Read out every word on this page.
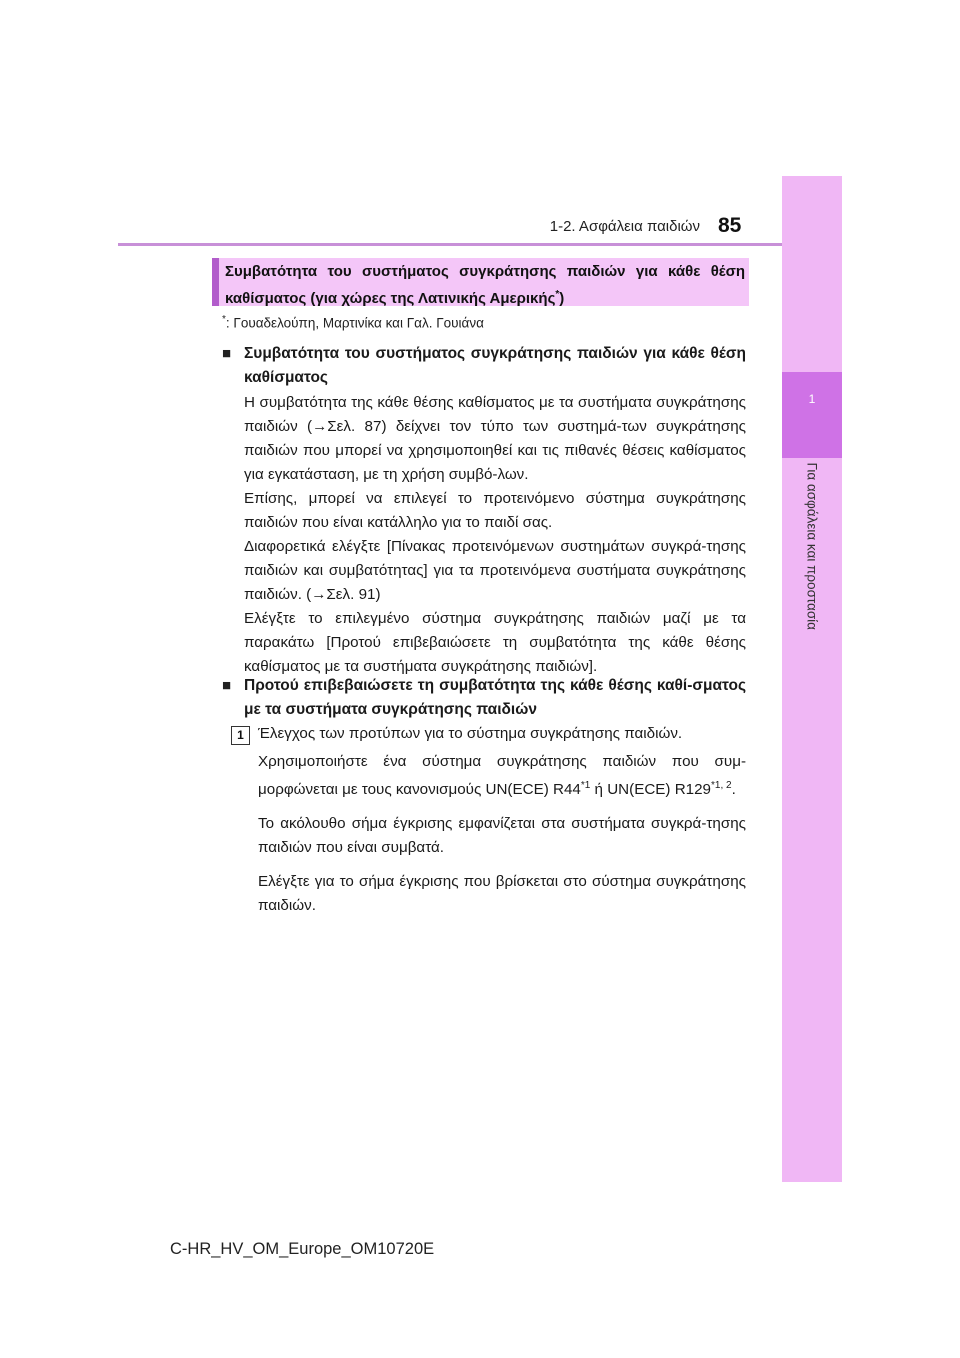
1-2. Ασφάλεια παιδιών 85
1
Για ασφάλεια και προστασία
Συμβατότητα του συστήματος συγκράτησης παιδιών για κάθε θέση καθίσματος (για χώρες της Λατινικής Αμερικής*)
*: Γουαδελούπη, Μαρτινίκα και Γαλ. Γουιάνα
■ Συμβατότητα του συστήματος συγκράτησης παιδιών για κάθε θέση καθίσματος

Η συμβατότητα της κάθε θέσης καθίσματος με τα συστήματα συγκράτησης παιδιών (→Σελ. 87) δείχνει τον τύπο των συστημά-των συγκράτησης παιδιών που μπορεί να χρησιμοποιηθεί και τις πιθανές θέσεις καθίσματος για εγκατάσταση, με τη χρήση συμβό-λων.

Επίσης, μπορεί να επιλεγεί το προτεινόμενο σύστημα συγκράτησης παιδιών που είναι κατάλληλο για το παιδί σας.

Διαφορετικά ελέγξτε [Πίνακας προτεινόμενων συστημάτων συγκρά-τησης παιδιών και συμβατότητας] για τα προτεινόμενα συστήματα συγκράτησης παιδιών. (→Σελ. 91)

Ελέγξτε το επιλεγμένο σύστημα συγκράτησης παιδιών μαζί με τα παρακάτω [Προτού επιβεβαιώσετε τη συμβατότητα της κάθε θέσης καθίσματος με τα συστήματα συγκράτησης παιδιών].

■ Προτού επιβεβαιώσετε τη συμβατότητα της κάθε θέσης καθί-σματος με τα συστήματα συγκράτησης παιδιών
1 Έλεγχος των προτύπων για το σύστημα συγκράτησης παιδιών.

Χρησιμοποιήστε ένα σύστημα συγκράτησης παιδιών που συμ-μορφώνεται με τους κανονισμούς UN(ECE) R44$^{*1}$ ή UN(ECE) R129$^{*1, 2}$.

Το ακόλουθο σήμα έγκρισης εμφανίζεται στα συστήματα συγκρά-τησης παιδιών που είναι συμβατά.

Ελέγξτε για το σήμα έγκρισης που βρίσκεται στο σύστημα συγκράτησης παιδιών.

C-HR_HV_OM_Europe_OM10720E
